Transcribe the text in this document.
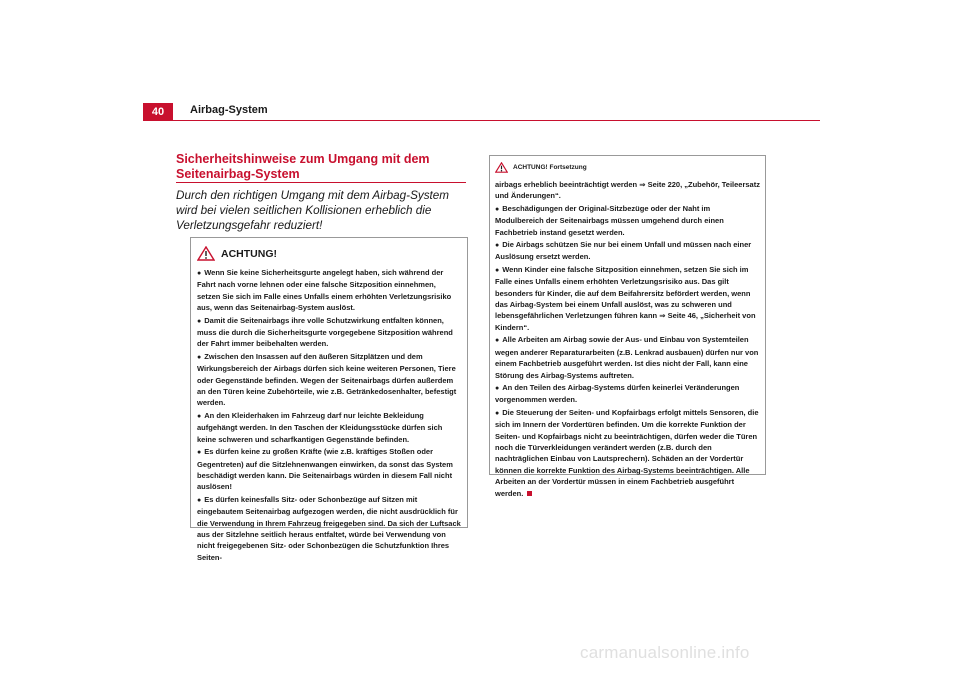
40	Airbag-System
Sicherheitshinweise zum Umgang mit dem Seitenairbag-System
Durch den richtigen Umgang mit dem Airbag-System wird bei vielen seitlichen Kollisionen erheblich die Verletzungsgefahr reduziert!
ACHTUNG!

● Wenn Sie keine Sicherheitsgurte angelegt haben, sich während der Fahrt nach vorne lehnen oder eine falsche Sitzposition einnehmen, setzen Sie sich im Falle eines Unfalls einem erhöhten Verletzungsrisiko aus, wenn das Seitenairbag-System auslöst.

● Damit die Seitenairbags ihre volle Schutzwirkung entfalten können, muss die durch die Sicherheitsgurte vorgegebene Sitzposition während der Fahrt immer beibehalten werden.

● Zwischen den Insassen auf den äußeren Sitzplätzen und dem Wirkungsbereich der Airbags dürfen sich keine weiteren Personen, Tiere oder Gegenstände befinden. Wegen der Seitenairbags dürfen außerdem an den Türen keine Zubehörteile, wie z.B. Getränkedosenhalter, befestigt werden.

● An den Kleiderhaken im Fahrzeug darf nur leichte Bekleidung aufgehängt werden. In den Taschen der Kleidungsstücke dürfen sich keine schweren und scharfkantigen Gegenstände befinden.

● Es dürfen keine zu großen Kräfte (wie z.B. kräftiges Stoßen oder Gegentreten) auf die Sitzlehnenwangen einwirken, da sonst das System beschädigt werden kann. Die Seitenairbags würden in diesem Fall nicht auslösen!

● Es dürfen keinesfalls Sitz- oder Schonbezüge auf Sitzen mit eingebautem Seitenairbag aufgezogen werden, die nicht ausdrücklich für die Verwendung in Ihrem Fahrzeug freigegeben sind. Da sich der Luftsack aus der Sitzlehne seitlich heraus entfaltet, würde bei Verwendung von nicht freigegebenen Sitz- oder Schonbezügen die Schutzfunktion Ihres Seiten-

ACHTUNG! Fortsetzung

airbags erheblich beeinträchtigt werden ⇒ Seite 220, „Zubehör, Teileersatz und Änderungen“.

● Beschädigungen der Original-Sitzbezüge oder der Naht im Modulbereich der Seitenairbags müssen umgehend durch einen Fachbetrieb instand gesetzt werden.

● Die Airbags schützen Sie nur bei einem Unfall und müssen nach einer Auslösung ersetzt werden.

● Wenn Kinder eine falsche Sitzposition einnehmen, setzen Sie sich im Falle eines Unfalls einem erhöhten Verletzungsrisiko aus. Das gilt besonders für Kinder, die auf dem Beifahrersitz befördert werden, wenn das Airbag-System bei einem Unfall auslöst, was zu schweren und lebensgefährlichen Verletzungen führen kann ⇒ Seite 46, „Sicherheit von Kindern“.

● Alle Arbeiten am Airbag sowie der Aus- und Einbau von Systemteilen wegen anderer Reparaturarbeiten (z.B. Lenkrad ausbauen) dürfen nur von einem Fachbetrieb ausgeführt werden. Ist dies nicht der Fall, kann eine Störung des Airbag-Systems auftreten.

● An den Teilen des Airbag-Systems dürfen keinerlei Veränderungen vorgenommen werden.

● Die Steuerung der Seiten- und Kopfairbags erfolgt mittels Sensoren, die sich im Innern der Vordertüren befinden. Um die korrekte Funktion der Seiten- und Kopfairbags nicht zu beeinträchtigen, dürfen weder die Türen noch die Türverkleidungen verändert werden (z.B. durch den nachträglichen Einbau von Lautsprechern). Schäden an der Vordertür können die korrekte Funktion des Airbag-Systems beeinträchtigen. Alle Arbeiten an der Vordertür müssen in einem Fachbetrieb ausgeführt werden.

carmanualsonline.info
